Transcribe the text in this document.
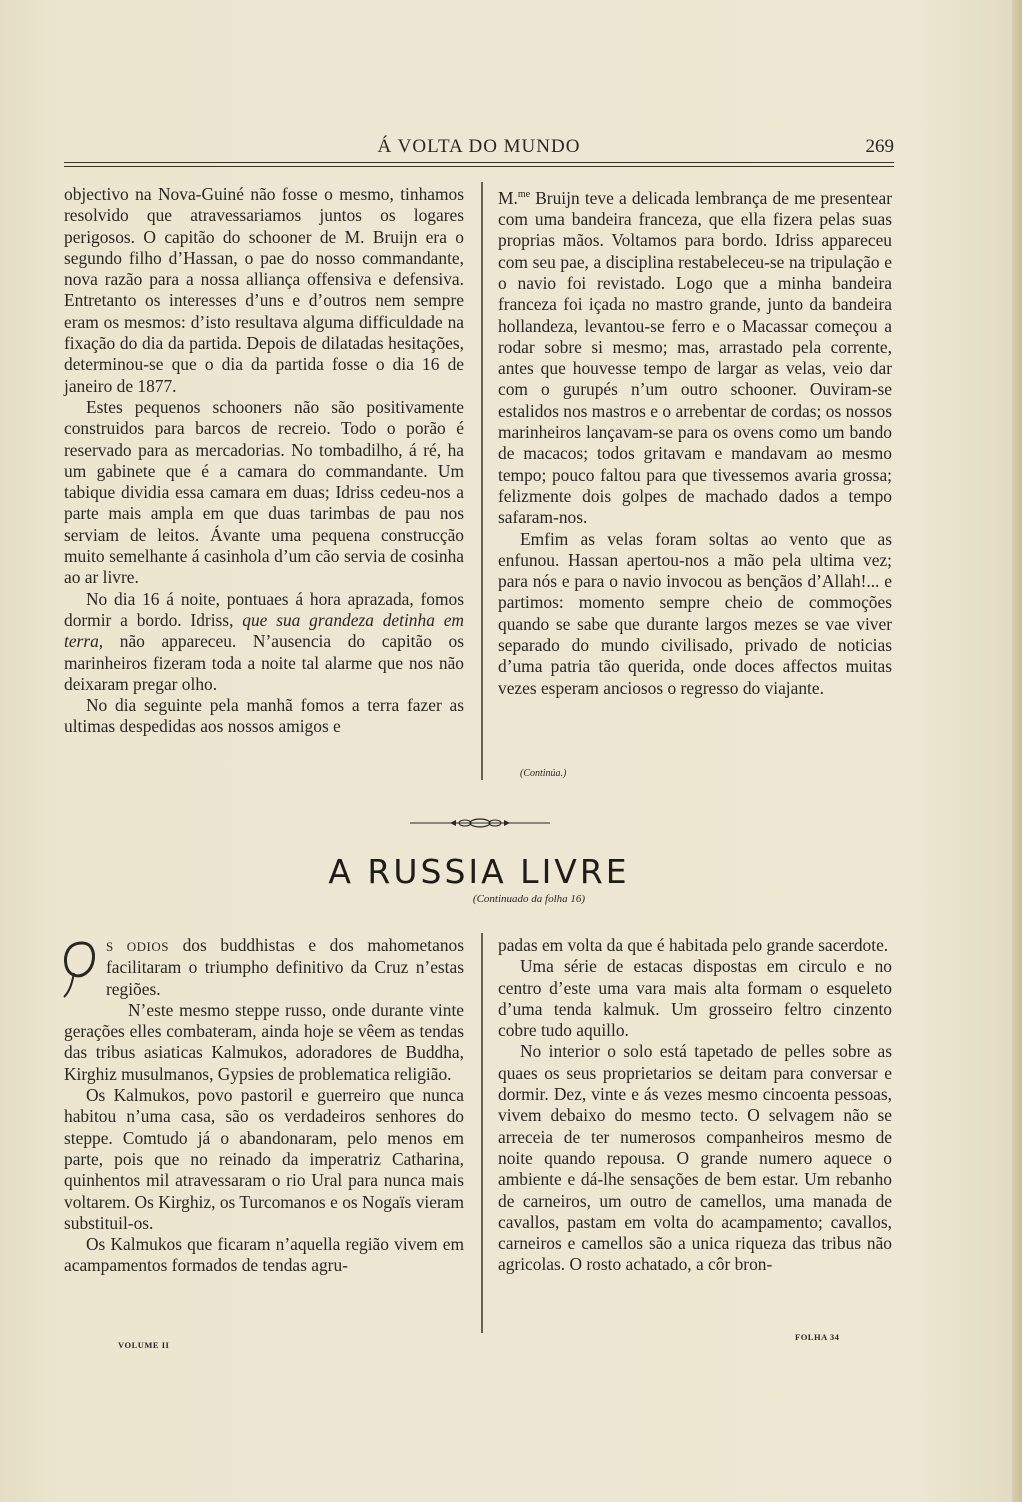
Á VOLTA DO MUNDO	269

objectivo na Nova-Guiné não fosse o mesmo, tinhamos resolvido que atravessariamos juntos os logares perigosos. O capitão do schooner de M. Bruijn era o segundo filho d’Hassan, o pae do nosso commandante, nova razão para a nossa alliança offensiva e defensiva. Entretanto os interesses d’uns e d’outros nem sempre eram os mesmos: d’isto resultava alguma difficuldade na fixação do dia da partida. Depois de dilatadas hesitações, determinou-se que o dia da partida fosse o dia 16 de janeiro de 1877.

Estes pequenos schooners não são positivamente construidos para barcos de recreio. Todo o porão é reservado para as mercadorias. No tombadilho, á ré, ha um gabinete que é a camara do commandante. Um tabique dividia essa camara em duas; Idriss cedeu-nos a parte mais ampla em que duas tarimbas de pau nos serviam de leitos. Ávante uma pequena construcção muito semelhante á casinhola d’um cão servia de cosinha ao ar livre.

No dia 16 á noite, pontuaes á hora aprazada, fomos dormir a bordo. Idriss, que sua grandeza detinha em terra, não appareceu. N’ausencia do capitão os marinheiros fizeram toda a noite tal alarme que nos não deixaram pregar olho.

No dia seguinte pela manhã fomos a terra fazer as ultimas despedidas aos nossos amigos e

M.$^{me}$ Bruijn teve a delicada lembrança de me presentear com uma bandeira franceza, que ella fizera pelas suas proprias mãos. Voltamos para bordo. Idriss appareceu com seu pae, a disciplina restabeleceu-se na tripulação e o navio foi revistado. Logo que a minha bandeira franceza foi içada no mastro grande, junto da bandeira hollandeza, levantou-se ferro e o Macassar começou a rodar sobre si mesmo; mas, arrastado pela corrente, antes que houvesse tempo de largar as velas, veio dar com o gurupés n’um outro schooner. Ouviram-se estalidos nos mastros e o arrebentar de cordas; os nossos marinheiros lançavam-se para os ovens como um bando de macacos; todos gritavam e mandavam ao mesmo tempo; pouco faltou para que tivessemos avaria grossa; felizmente dois golpes de machado dados a tempo safaram-nos.

Emfim as velas foram soltas ao vento que as enfunou. Hassan apertou-nos a mão pela ultima vez; para nós e para o navio invocou as bençãos d’Allah!... e partimos: momento sempre cheio de commoções quando se sabe que durante largos mezes se vae viver separado do mundo civilisado, privado de noticias d’uma patria tão querida, onde doces affectos muitas vezes esperam anciosos o regresso do viajante.

(Continúa.)
A RUSSIA LIVRE
(Continuado da folha 16)

O
S ODIOS dos buddhistas e dos mahometanos facilitaram o triumpho definitivo da Cruz n’estas regiões.

N’este mesmo steppe russo, onde durante vinte gerações elles combateram, ainda hoje se vêem as tendas das tribus asiaticas Kalmukos, adoradores de Buddha, Kirghiz musulmanos, Gypsies de problematica religião.

Os Kalmukos, povo pastoril e guerreiro que nunca habitou n’uma casa, são os verdadeiros senhores do steppe. Comtudo já o abandonaram, pelo menos em parte, pois que no reinado da imperatriz Catharina, quinhentos mil atravessaram o rio Ural para nunca mais voltarem. Os Kirghiz, os Turcomanos e os Nogaïs vieram substituil-os.

Os Kalmukos que ficaram n’aquella região vivem em acampamentos formados de tendas agru-

padas em volta da que é habitada pelo grande sacerdote.

Uma série de estacas dispostas em circulo e no centro d’este uma vara mais alta formam o esqueleto d’uma tenda kalmuk. Um grosseiro feltro cinzento cobre tudo aquillo.

No interior o solo está tapetado de pelles sobre as quaes os seus proprietarios se deitam para conversar e dormir. Dez, vinte e ás vezes mesmo cincoenta pessoas, vivem debaixo do mesmo tecto. O selvagem não se arreceia de ter numerosos companheiros mesmo de noite quando repousa. O grande numero aquece o ambiente e dá-lhe sensações de bem estar. Um rebanho de carneiros, um outro de camellos, uma manada de cavallos, pastam em volta do acampamento; cavallos, carneiros e camellos são a unica riqueza das tribus não agricolas. O rosto achatado, a côr bron-

VOLUME II
FOLHA 34
